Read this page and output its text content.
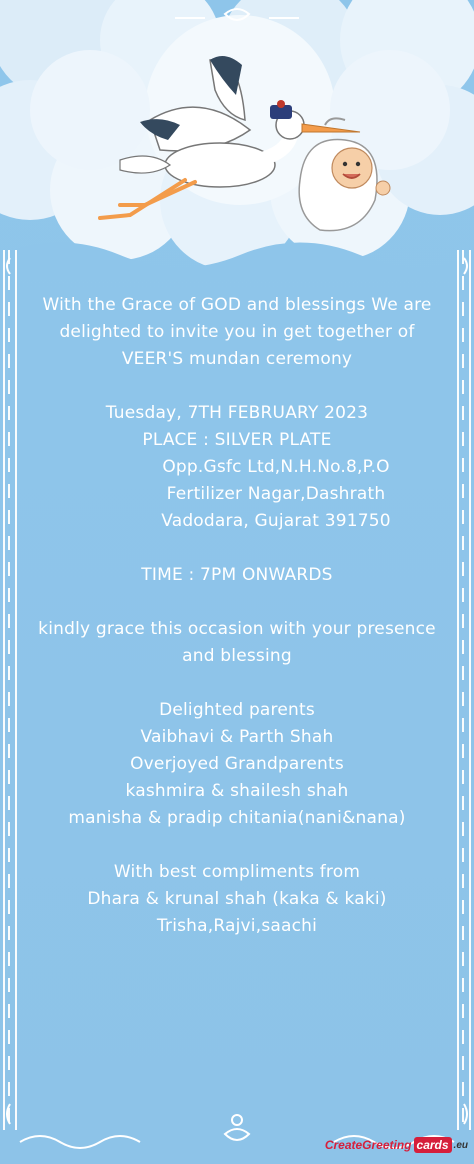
With the Grace of GOD and blessings We are
delighted to invite you in get together of
VEER'S mundan ceremony
Tuesday, 7TH FEBRUARY 2023
PLACE : SILVER PLATE
Opp.Gsfc Ltd,N.H.No.8,P.O
Fertilizer Nagar,Dashrath
Vadodara, Gujarat 391750
TIME : 7PM ONWARDS
kindly grace this occasion with your presence
and blessing
Delighted parents
Vaibhavi & Parth Shah
Overjoyed Grandparents
kashmira & shailesh shah
manisha & pradip chitania(nani&nana)
With best compliments from
Dhara & krunal shah (kaka & kaki)
Trisha,Rajvi,saachi
CreateGreeting cards .eu
